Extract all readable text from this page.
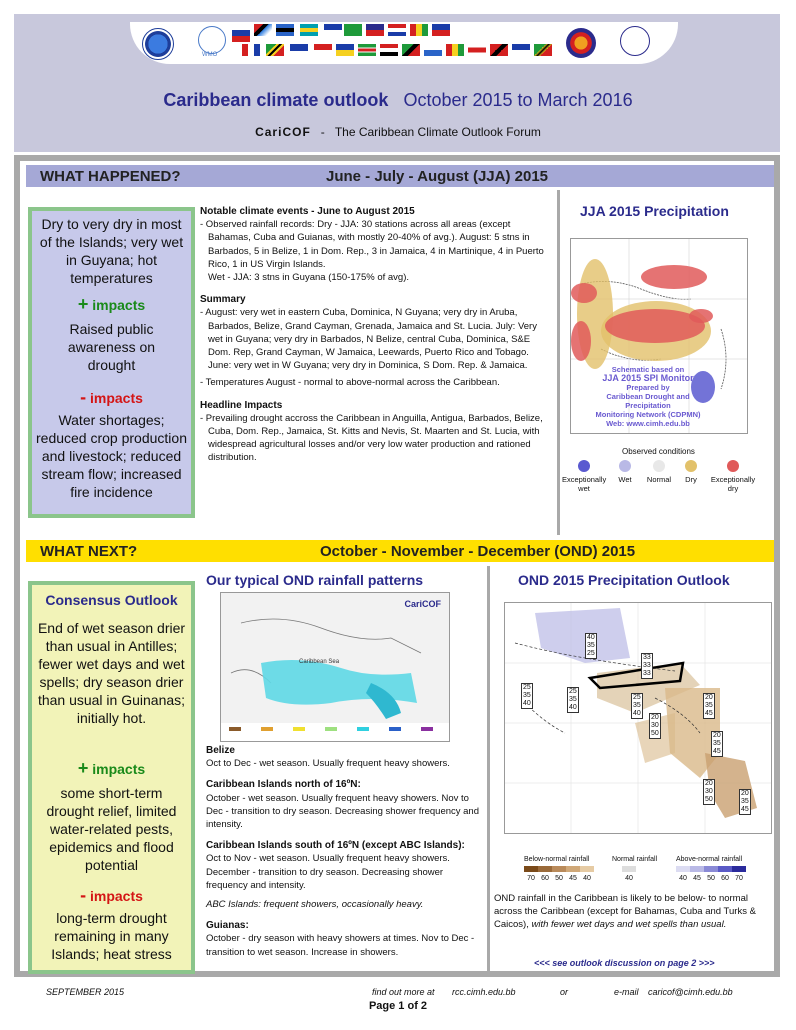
WMO
Caribbean climate outlook October 2015 to March 2016
CariCOF - The Caribbean Climate Outlook Forum
WHAT HAPPENED?	June - July - August (JJA) 2015
Dry to very dry in most of the Islands; very wet in Guyana; hot temperatures
+ impacts
Raised public awareness on drought
- impacts
Water shortages; reduced crop production and livestock; reduced stream flow; increased fire incidence
Notable climate events - June to August 2015
- Observed rainfall records: Dry - JJA: 30 stations across all areas (except Bahamas, Cuba and Guianas, with mostly 20-40% of avg.). August: 5 stns in Barbados, 5 in Belize, 1 in Dom. Rep., 3 in Jamaica, 4 in Martinique, 4 in Puerto Rico, 1 in US Virgin Islands.
Wet - JJA: 3 stns in Guyana (150-175% of avg).
Summary
- August: very wet in eastern Cuba, Dominica, N Guyana; very dry in Aruba, Barbados, Belize, Grand Cayman, Grenada, Jamaica and St. Lucia. July: Very wet in Guyana; very dry in Barbados, N Belize, central Cuba, Dominica, S&E Dom. Rep, Grand Cayman, W Jamaica, Leewards, Puerto Rico and Tobago. June: very wet in W Guyana; very dry in Dominica, S Dom. Rep. & Jamaica.
- Temperatures August - normal to above-normal across the Caribbean.
Headline Impacts
- Prevailing drought accross the Caribbean in Anguilla, Antigua, Barbados, Belize, Cuba, Dom. Rep., Jamaica, St. Kitts and Nevis, St. Maarten and St. Lucia, with widespread agricultural losses and/or very low water production and rationed distribution.
JJA 2015 Precipitation
Schematic based on
JJA 2015 SPI Monitor
Prepared by
Caribbean Drought and Precipitation
Monitoring Network (CDPMN)
Web: www.cimh.edu.bb
Observed conditions
Exceptionally wet
Wet	Normal	Dry	Exceptionally dry
WHAT NEXT?	October - November - December (OND) 2015
Consensus Outlook
End of wet season drier than usual in Antilles; fewer wet days and wet spells; dry season drier than usual in Guinanas; initially hot.
+ impacts
some short-term drought relief, limited water-related pests, epidemics and flood potential
- impacts
long-term drought remaining in many Islands; heat stress
Our typical OND rainfall patterns
CariCOF
Caribbean Sea
Belize
Oct to Dec - wet season. Usually frequent heavy showers.
Caribbean Islands north of 16ºN:
October - wet season. Usually frequent heavy showers. Nov to Dec - transition to dry season. Decreasing shower frequency and intensity.
Caribbean Islands south of 16ºN (except ABC Islands):
Oct to Nov - wet season. Usually frequent heavy showers. December - transition to dry season. Decreasing shower frequency and intensity.
ABC Islands: frequent showers, occasionally heavy.
Guianas:
October - dry season with heavy showers at times. Nov to Dec - transition to wet season. Increase in showers.
OND 2015 Precipitation Outlook
40
35
25
33
33
33
25
35
40
25
35
40
25
35
40
20
35
45
20
30
50	20
35
45
20
30
50
20
35
45
Below-normal rainfall	Normal rainfall	Above-normal rainfall
70 60 50 45 40	40	40 45 50 60 70
OND rainfall in the Caribbean is likely to be below- to normal across the Caribbean (except for Bahamas, Cuba and Turks & Caicos), with fewer wet days and wet spells than usual.
<<< see outlook discussion on page 2 >>>
SEPTEMBER 2015	find out more at rcc.cimh.edu.bb	or	e-mail caricof@cimh.edu.bb
Page 1 of 2
